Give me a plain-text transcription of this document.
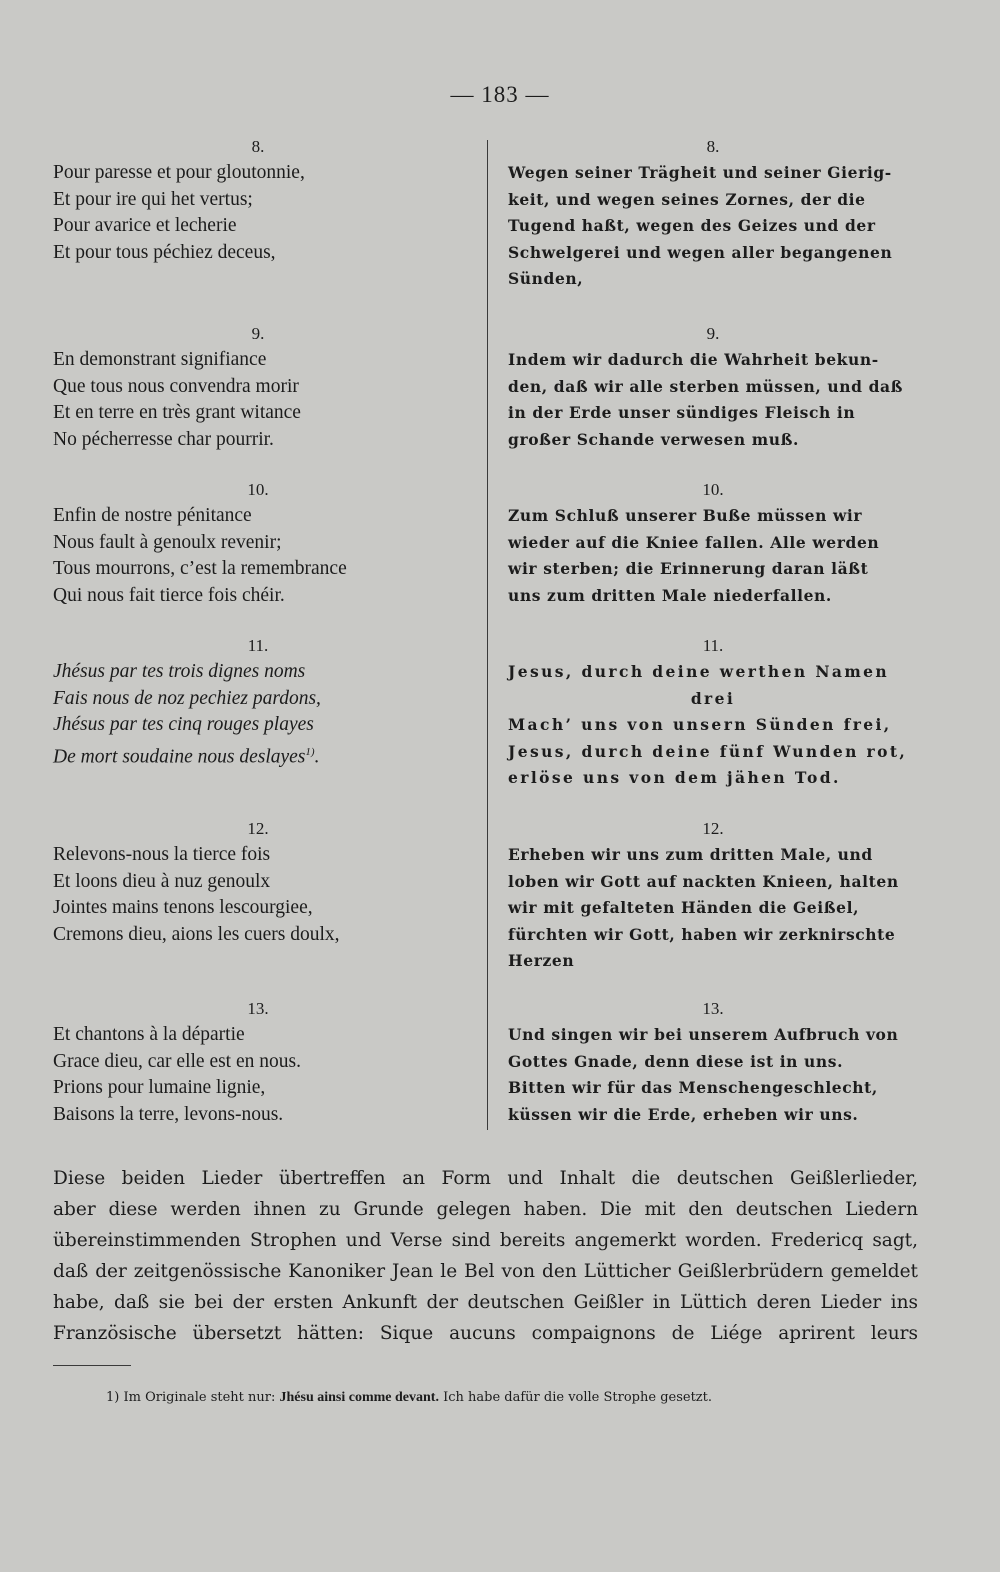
— 183 —
8.
Pour paresse et pour gloutonnie,
Et pour ire qui het vertus;
Pour avarice et lecherie
Et pour tous péchiez deceus,
9.
En demonstrant signifiance
Que tous nous convendra morir
Et en terre en très grant witance
No pécherresse char pourrir.
10.
Enfin de nostre pénitance
Nous fault à genoulx revenir;
Tous mourrons, c’est la remembrance
Qui nous fait tierce fois chéir.
11.
Jhésus par tes trois dignes noms
Fais nous de noz pechiez pardons,
Jhésus par tes cinq rouges playes
De mort soudaine nous deslayes$^{1)}$.
12.
Relevons-nous la tierce fois
Et loons dieu à nuz genoulx
Jointes mains tenons lescourgiee,
Cremons dieu, aions les cuers doulx,
13.
Et chantons à la départie
Grace dieu, car elle est en nous.
Prions pour lumaine lignie,
Baisons la terre, levons-nous.
8.
Wegen seiner Trägheit und seiner Gierig-
keit, und wegen seines Zornes, der die
Tugend haßt, wegen des Geizes und der
Schwelgerei und wegen aller begangenen
Sünden,
9.
Indem wir dadurch die Wahrheit bekun-
den, daß wir alle sterben müssen, und daß
in der Erde unser sündiges Fleisch in
großer Schande verwesen muß.
10.
Zum Schluß unserer Buße müssen wir
wieder auf die Kniee fallen. Alle werden
wir sterben; die Erinnerung daran läßt
uns zum dritten Male niederfallen.
11.
Jesus, durch deine werthen Namen
drei
Mach’ uns von unsern Sünden frei,
Jesus, durch deine fünf Wunden rot,
erlöse uns von dem jähen Tod.
12.
Erheben wir uns zum dritten Male, und
loben wir Gott auf nackten Knieen, halten
wir mit gefalteten Händen die Geißel,
fürchten wir Gott, haben wir zerknirschte
Herzen
13.
Und singen wir bei unserem Aufbruch von
Gottes Gnade, denn diese ist in uns.
Bitten wir für das Menschengeschlecht,
küssen wir die Erde, erheben wir uns.
Diese beiden Lieder übertreffen an Form und Inhalt die deutschen Geißlerlieder,
aber diese werden ihnen zu Grunde gelegen haben. Die mit den deutschen Liedern
übereinstimmenden Strophen und Verse sind bereits angemerkt worden. Fredericq sagt,
daß der zeitgenössische Kanoniker Jean le Bel von den Lütticher Geißlerbrüdern gemeldet
habe, daß sie bei der ersten Ankunft der deutschen Geißler in Lüttich deren Lieder ins
Französische übersetzt hätten: Sique aucuns compaignons de Liége aprirent leurs
1) Im Originale steht nur: Jhésu ainsi comme devant. Ich habe dafür die volle Strophe gesetzt.
